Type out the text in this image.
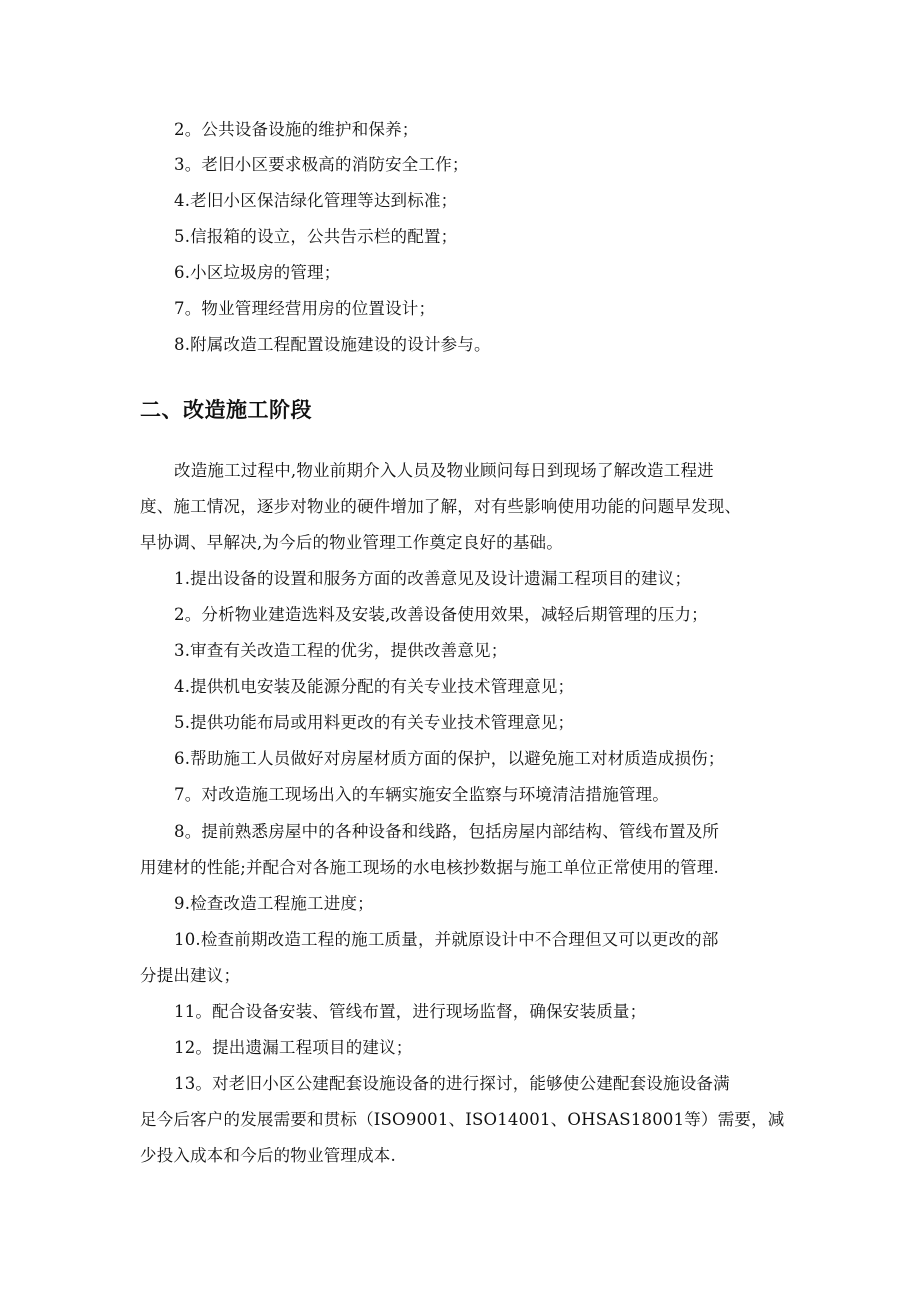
2。公共设备设施的维护和保养；
3。老旧小区要求极高的消防安全工作；
4.老旧小区保洁绿化管理等达到标准；
5.信报箱的设立，公共告示栏的配置；
6.小区垃圾房的管理；
7。物业管理经营用房的位置设计；
8.附属改造工程配置设施建设的设计参与。
二、改造施工阶段
改造施工过程中,物业前期介入人员及物业顾问每日到现场了解改造工程进
度、施工情况，逐步对物业的硬件增加了解，对有些影响使用功能的问题早发现、
早协调、早解决,为今后的物业管理工作奠定良好的基础。
1.提出设备的设置和服务方面的改善意见及设计遗漏工程项目的建议；
2。分析物业建造选料及安装,改善设备使用效果，减轻后期管理的压力；
3.审查有关改造工程的优劣，提供改善意见；
4.提供机电安装及能源分配的有关专业技术管理意见；
5.提供功能布局或用料更改的有关专业技术管理意见；
6.帮助施工人员做好对房屋材质方面的保护，以避免施工对材质造成损伤；
7。对改造施工现场出入的车辆实施安全监察与环境清洁措施管理。
8。提前熟悉房屋中的各种设备和线路，包括房屋内部结构、管线布置及所
用建材的性能;并配合对各施工现场的水电核抄数据与施工单位正常使用的管理.
9.检查改造工程施工进度；
10.检查前期改造工程的施工质量，并就原设计中不合理但又可以更改的部
分提出建议；
11。配合设备安装、管线布置，进行现场监督，确保安装质量；
12。提出遗漏工程项目的建议；
13。对老旧小区公建配套设施设备的进行探讨，能够使公建配套设施设备满
足今后客户的发展需要和贯标（ISO9001、ISO14001、OHSAS18001等）需要，减
少投入成本和今后的物业管理成本.
